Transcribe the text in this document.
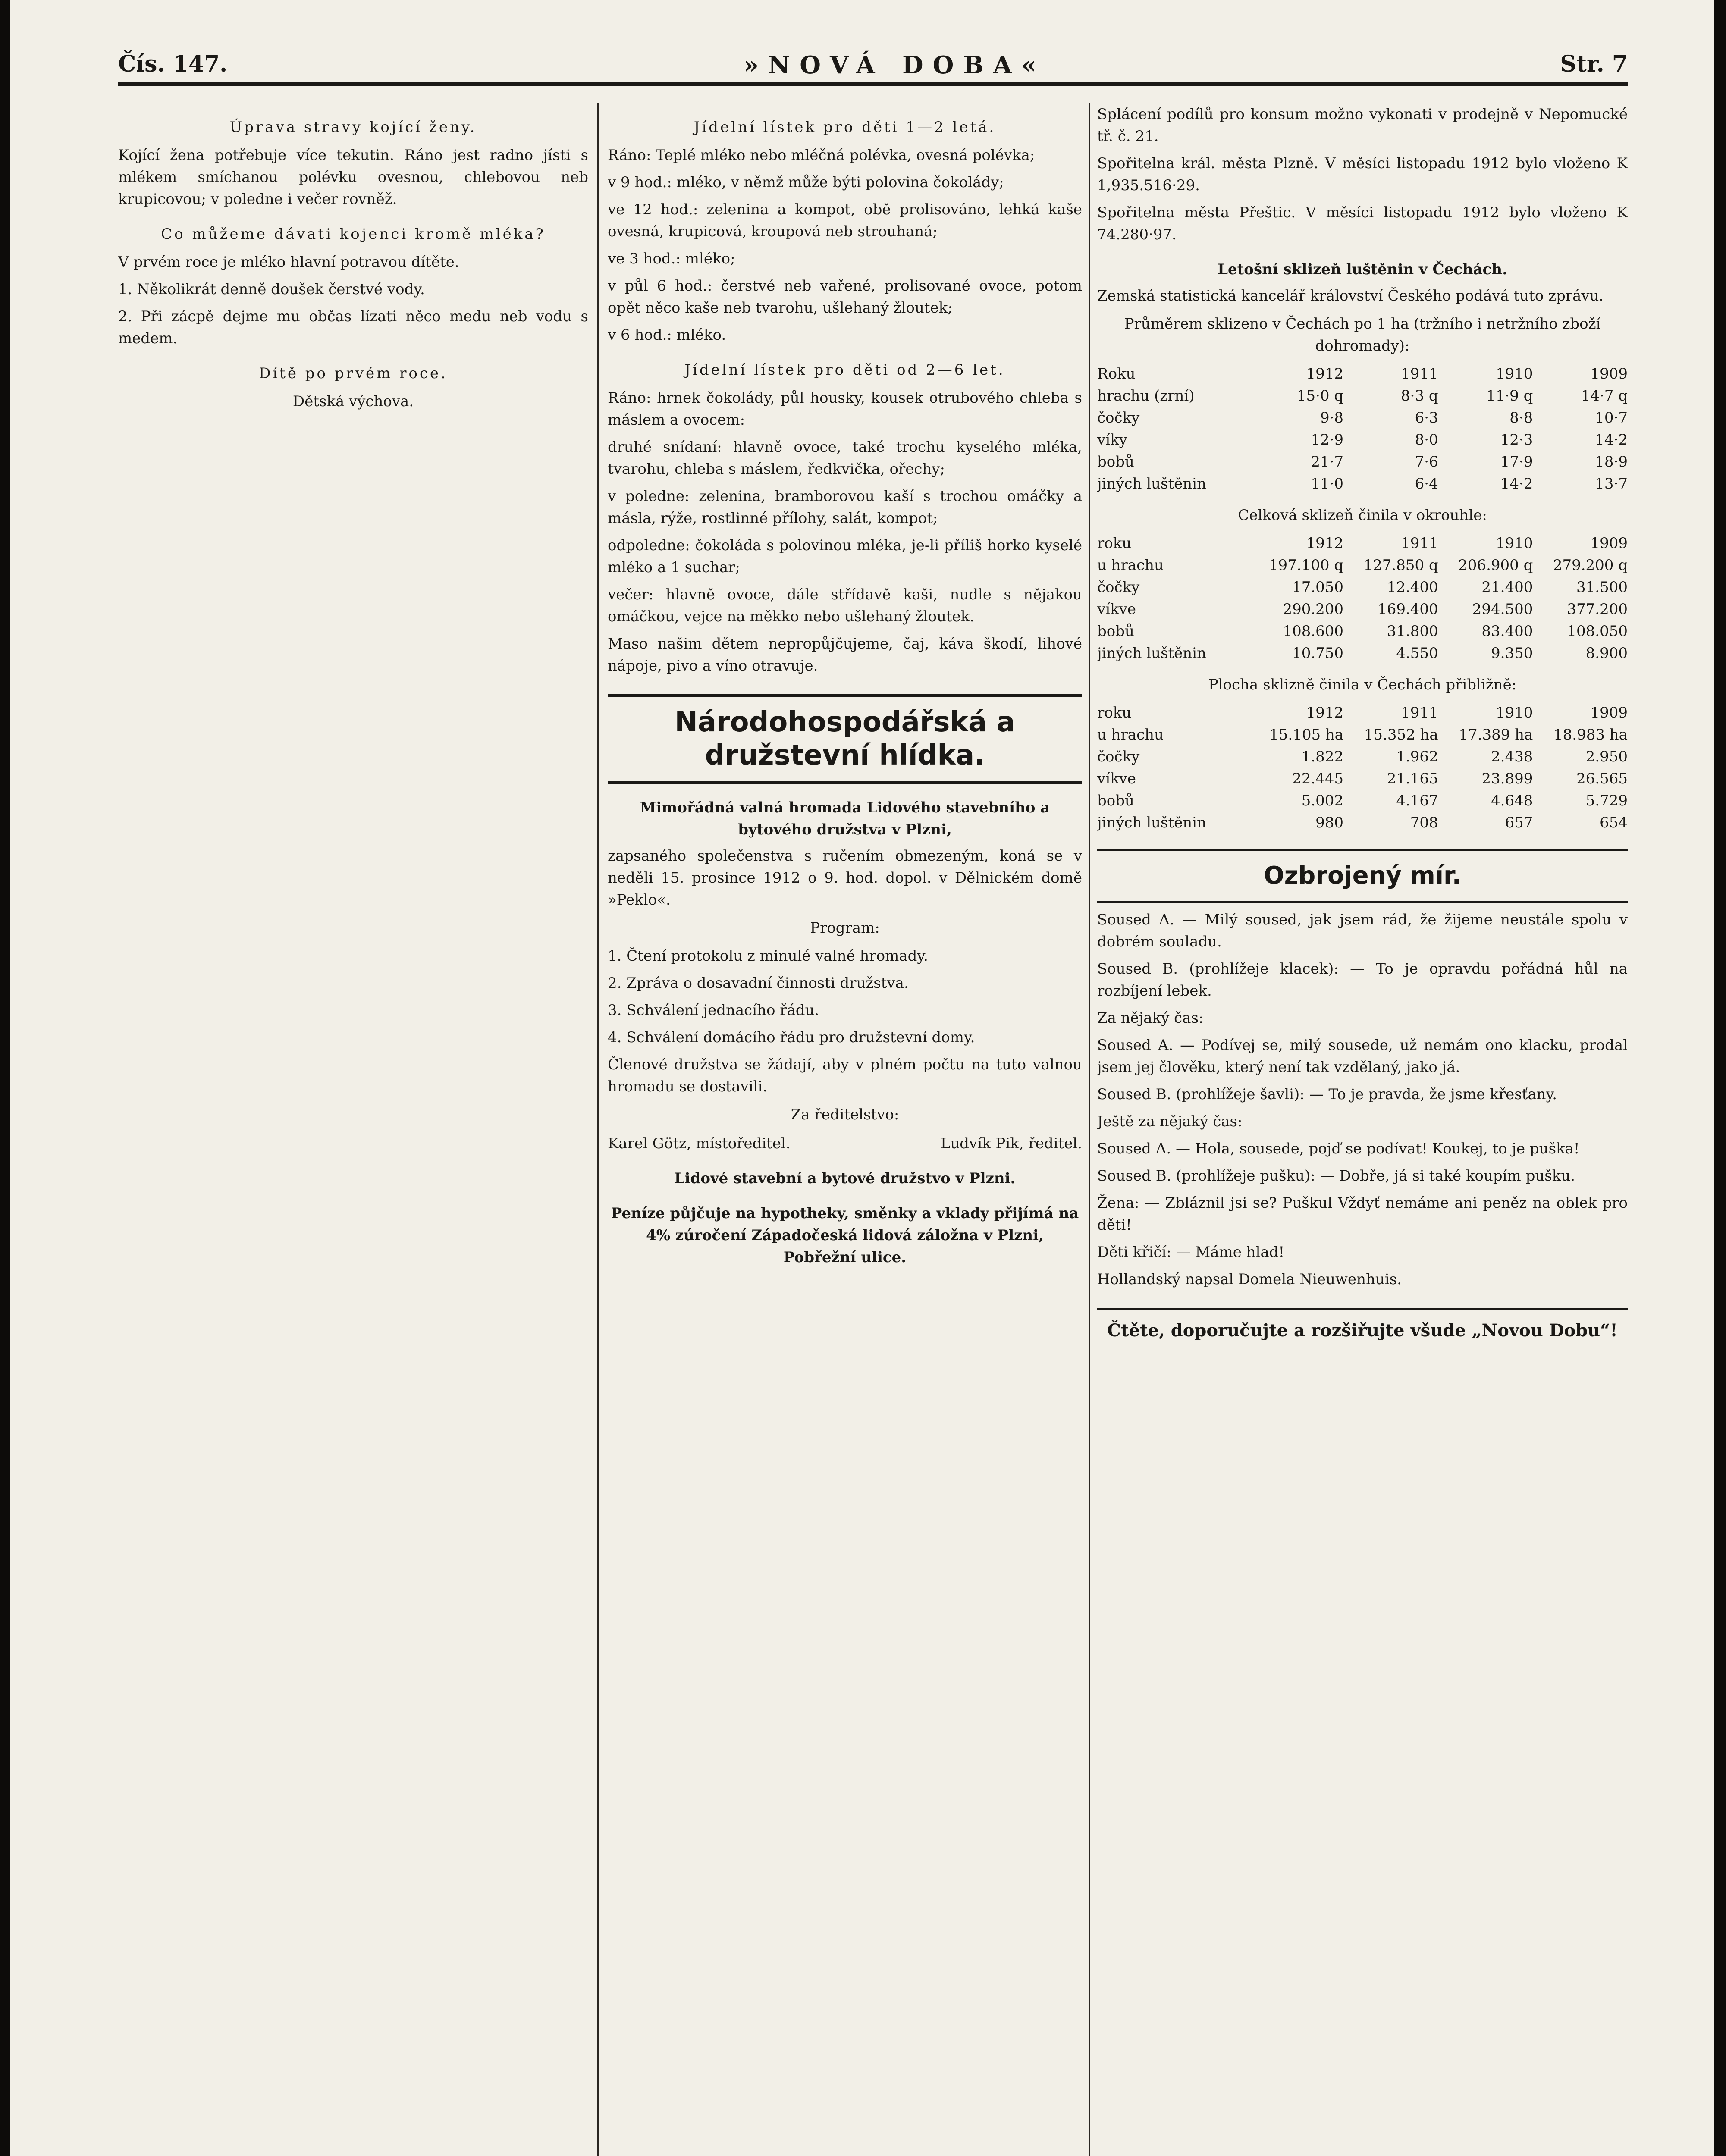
Čís. 147.	»NOVÁ DOBA«	Str. 7
Úprava stravy kojící ženy.

Kojící žena potřebuje více tekutin. Ráno jest radno jísti s mlékem smíchanou polévku ovesnou, chlebovou neb krupicovou; v poledne i večer rovněž.

Co můžeme dávati kojenci kromě mléka?

V prvém roce je mléko hlavní potravou dítěte.

1. Několikrát denně doušek čerstvé vody.

2. Při zácpě dejme mu občas lízati něco medu neb vodu s medem.

Dítě po prvém roce.
Dětská výchova.
Jídelní lístek pro děti 1—2 letá.

Ráno: Teplé mléko nebo mléčná polévka, ovesná polévka;

v 9 hod.: mléko, v němž může býti polovina čokolády;

ve 12 hod.: zelenina a kompot, obě prolisováno, lehká kaše ovesná, krupicová, kroupová neb strouhaná;

ve 3 hod.: mléko;

v půl 6 hod.: čerstvé neb vařené, prolisované ovoce, potom opět něco kaše neb tvarohu, ušlehaný žloutek;

v 6 hod.: mléko.

Jídelní lístek pro děti od 2—6 let.

Ráno: hrnek čokolády, půl housky, kousek otrubového chleba s máslem a ovocem:

druhé snídaní: hlavně ovoce, také trochu kyselého mléka, tvarohu, chleba s máslem, ředkvička, ořechy;

v poledne: zelenina, bramborovou kaší s trochou omáčky a másla, rýže, rostlinné přílohy, salát, kompot;

odpoledne: čokoláda s polovinou mléka, je-li příliš horko kyselé mléko a 1 suchar;

večer: hlavně ovoce, dále střídavě kaši, nudle s nějakou omáčkou, vejce na měkko nebo ušlehaný žloutek.

Maso našim dětem nepropůjčujeme, čaj, káva škodí, lihové nápoje, pivo a víno otravuje.

Národohospodářská a družstevní hlídka.
Mimořádná valná hromada Lidového stavebního a bytového družstva v Plzni,

zapsaného společenstva s ručením obmezeným, koná se v neděli 15. prosince 1912 o 9. hod. dopol. v Dělnickém domě »Peklo«.

Program:

1. Čtení protokolu z minulé valné hromady.

2. Zpráva o dosavadní činnosti družstva.

3. Schválení jednacího řádu.

4. Schválení domácího řádu pro družstevní domy.

Členové družstva se žádají, aby v plném počtu na tuto valnou hromadu se dostavili.

Za ředitelstvo:
Karel Götz, místoředitel.	Ludvík Pik, ředitel.
Lidové stavební a bytové družstvo v Plzni.
Peníze půjčuje na hypotheky, směnky a vklady přijímá na 4% zúročení Západočeská lidová záložna v Plzni, Pobřežní ulice.

Splácení podílů pro konsum možno vykonati v prodejně v Nepomucké tř. č. 21.

Spořitelna král. města Plzně. V měsíci listopadu 1912 bylo vloženo K 1,935.516·29.

Spořitelna města Přeštic. V měsíci listopadu 1912 bylo vloženo K 74.280·97.

Letošní sklizeň luštěnin v Čechách.

Zemská statistická kancelář království Českého podává tuto zprávu.

Průměrem sklizeno v Čechách po 1 ha (tržního i netržního zboží dohromady):
Roku	1912	1911	1910	1909
hrachu (zrní)	15·0 q	8·3 q	11·9 q	14·7 q
čočky	9·8	6·3	8·8	10·7
víky	12·9	8·0	12·3	14·2
bobů	21·7	7·6	17·9	18·9
jiných luštěnin	11·0	6·4	14·2	13·7
Celková sklizeň činila v okrouhle:
roku	1912	1911	1910	1909
u hrachu	197.100 q	127.850 q	206.900 q	279.200 q
čočky	17.050	12.400	21.400	31.500
víkve	290.200	169.400	294.500	377.200
bobů	108.600	31.800	83.400	108.050
jiných luštěnin	10.750	4.550	9.350	8.900
Plocha sklizně činila v Čechách přibližně:
roku	1912	1911	1910	1909
u hrachu	15.105 ha	15.352 ha	17.389 ha	18.983 ha
čočky	1.822	1.962	2.438	2.950
víkve	22.445	21.165	23.899	26.565
bobů	5.002	4.167	4.648	5.729
jiných luštěnin	980	708	657	654
Ozbrojený mír.

Soused A. — Milý soused, jak jsem rád, že žijeme neustále spolu v dobrém souladu.

Soused B. (prohlížeje klacek): — To je opravdu pořádná hůl na rozbíjení lebek.

Za nějaký čas:

Soused A. — Podívej se, milý sousede, už nemám ono klacku, prodal jsem jej člověku, který není tak vzdělaný, jako já.

Soused B. (prohlížeje šavli): — To je pravda, že jsme křesťany.

Ještě za nějaký čas:

Soused A. — Hola, sousede, pojď se podívat! Koukej, to je puška!

Soused B. (prohlížeje pušku): — Dobře, já si také koupím pušku.

Žena: — Zbláznil jsi se? Puškul Vždyť nemáme ani peněz na oblek pro děti!

Děti křičí: — Máme hlad!

Hollandský napsal Domela Nieuwenhuis.

Čtěte, doporučujte a rozšiřujte všude „Novou Dobu“!
